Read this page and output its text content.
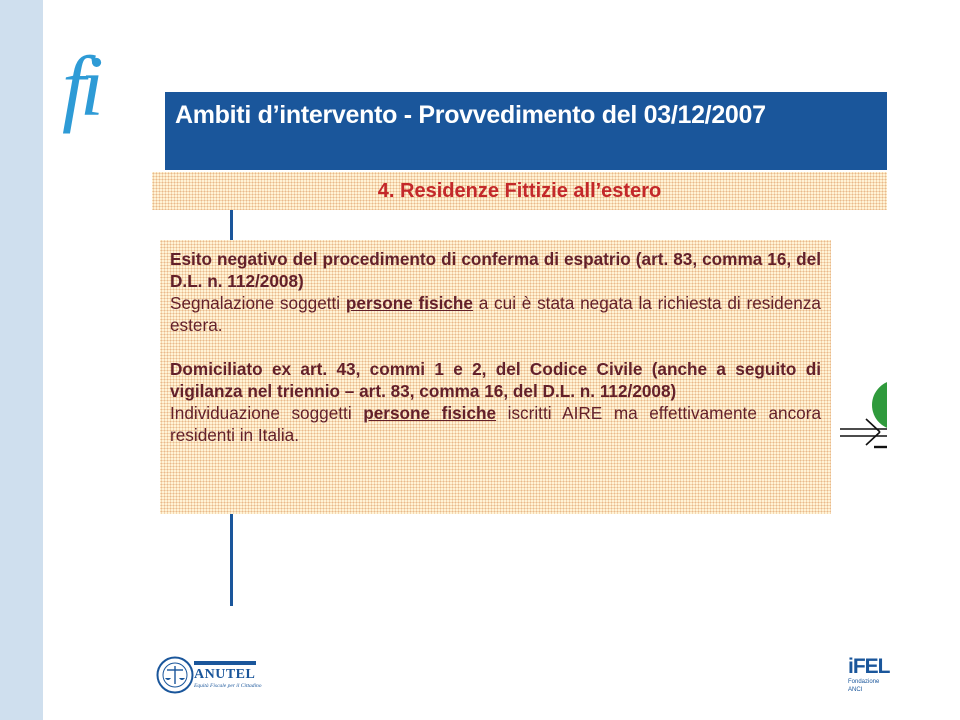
fi	Ambiti d’intervento - Provvedimento del 03/12/2007
4. Residenze Fittizie all’estero

Esito negativo del procedimento di conferma di espatrio (art. 83, comma 16, del D.L. n. 112/2008)
Segnalazione soggetti persone fisiche a cui è stata negata la richiesta di residenza estera.

Domiciliato ex art. 43, commi 1 e 2, del Codice Civile (anche a seguito di vigilanza nel triennio – art. 83, comma 16, del D.L. n. 112/2008)
Individuazione soggetti persone fisiche iscritti AIRE ma effettivamente ancora residenti in Italia.

ANUTEL
Equità Fiscale per il Cittadino
iFEL
Fondazione ANCI
